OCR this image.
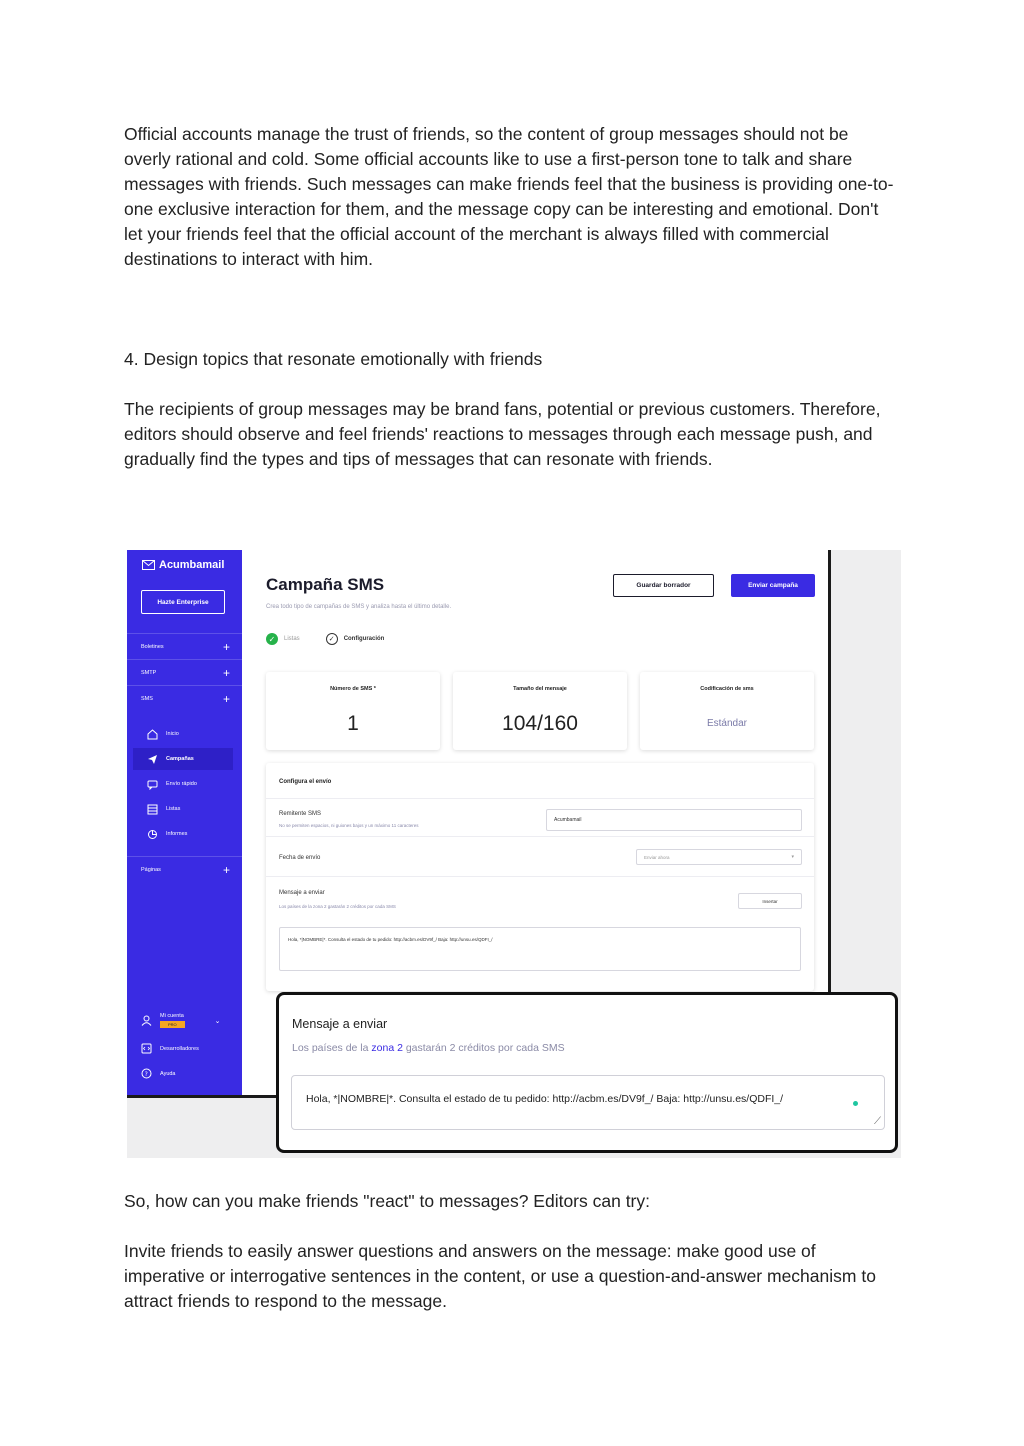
Official accounts manage the trust of friends, so the content of group messages should not be overly rational and cold. Some official accounts like to use a first-person tone to talk and share messages with friends. Such messages can make friends feel that the business is providing one-to-one exclusive interaction for them, and the message copy can be interesting and emotional. Don't let your friends feel that the official account of the merchant is always filled with commercial destinations to interact with him.

4. Design topics that resonate emotionally with friends

The recipients of group messages may be brand fans, potential or previous customers. Therefore, editors should observe and feel friends' reactions to messages through each message push, and gradually find the types and tips of messages that can resonate with friends.

Acumbamail
Hazte Enterprise
Boletines	+
SMTP	+
SMS	+
Inicio
Campañas
Envío rápido
Listas
Informes
Páginas	+
Mi cuenta
PRO	⌄
Desarrolladores
? Ayuda
Campaña SMS
Crea todo tipo de campañas de SMS y analiza hasta el último detalle.
Guardar borrador	Enviar campaña
✓	Listas	✓	Configuración
Número de SMS *
1
Tamaño del mensaje
104/160
Codificación de sms
Estándar
Configura el envío
Remitente SMS
No se permiten espacios, ni guiones bajos y un máximo 11 caracteres
Acumbamail
Fecha de envío	Enviar ahora	▾
Mensaje a enviar
Los países de la zona 2 gastarán 2 créditos por cada SMS
Insertar
Hola, *|NOMBRE|*. Consulta el estado de tu pedido: http://acbm.es/DV9f_/ Baja: http://unsu.es/QDFI_/
Mensaje a enviar
Los países de la zona 2 gastarán 2 créditos por cada SMS
Hola, *|NOMBRE|*. Consulta el estado de tu pedido: http://acbm.es/DV9f_/ Baja: http://unsu.es/QDFI_/
⟋

So, how can you make friends "react" to messages? Editors can try:

Invite friends to easily answer questions and answers on the message: make good use of imperative or interrogative sentences in the content, or use a question-and-answer mechanism to attract friends to respond to the message.
